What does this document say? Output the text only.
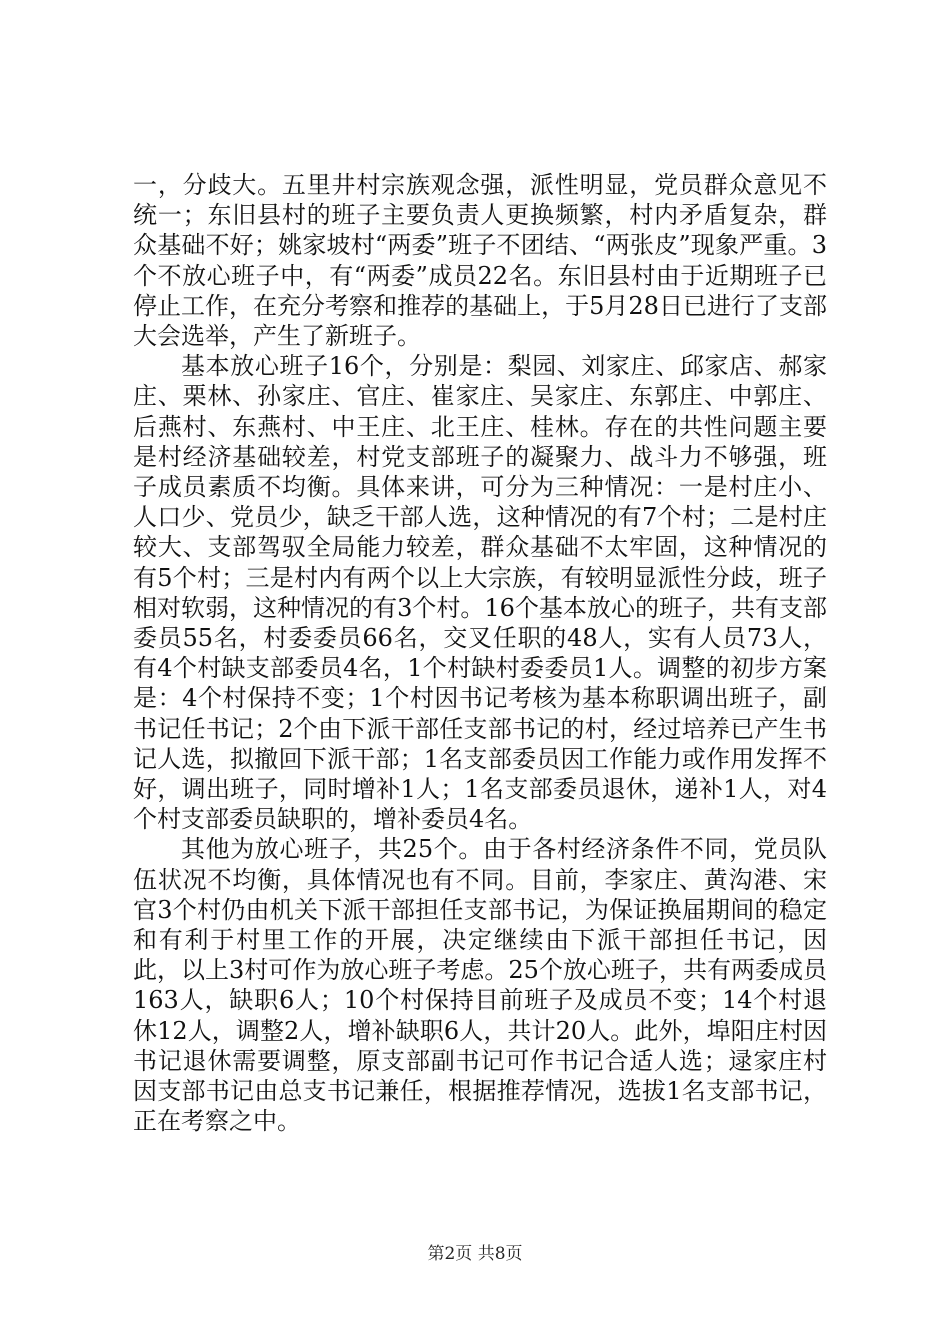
一，分歧大。五里井村宗族观念强，派性明显，党员群众意见不统一；东旧县村的班子主要负责人更换频繁，村内矛盾复杂，群众基础不好；姚家坡村“两委”班子不团结、“两张皮”现象严重。3个不放心班子中，有“两委”成员22名。东旧县村由于近期班子已停止工作，在充分考察和推荐的基础上，于5月28日已进行了支部大会选举，产生了新班子。

基本放心班子16个，分别是：梨园、刘家庄、邱家店、郝家庄、栗林、孙家庄、官庄、崔家庄、吴家庄、东郭庄、中郭庄、后燕村、东燕村、中王庄、北王庄、桂林。存在的共性问题主要是村经济基础较差，村党支部班子的凝聚力、战斗力不够强，班子成员素质不均衡。具体来讲，可分为三种情况：一是村庄小、人口少、党员少，缺乏干部人选，这种情况的有7个村；二是村庄较大、支部驾驭全局能力较差，群众基础不太牢固，这种情况的有5个村；三是村内有两个以上大宗族，有较明显派性分歧，班子相对软弱，这种情况的有3个村。16个基本放心的班子，共有支部委员55名，村委委员66名，交叉任职的48人，实有人员73人，有4个村缺支部委员4名，1个村缺村委委员1人。调整的初步方案是：4个村保持不变；1个村因书记考核为基本称职调出班子，副书记任书记；2个由下派干部任支部书记的村，经过培养已产生书记人选，拟撤回下派干部；1名支部委员因工作能力或作用发挥不好，调出班子，同时增补1人；1名支部委员退休，递补1人，对4个村支部委员缺职的，增补委员4名。

其他为放心班子，共25个。由于各村经济条件不同，党员队伍状况不均衡，具体情况也有不同。目前，李家庄、黄沟港、宋官3个村仍由机关下派干部担任支部书记，为保证换届期间的稳定和有利于村里工作的开展，决定继续由下派干部担任书记，因此，以上3村可作为放心班子考虑。25个放心班子，共有两委成员163人，缺职6人；10个村保持目前班子及成员不变；14个村退休12人，调整2人，增补缺职6人，共计20人。此外，埠阳庄村因书记退休需要调整，原支部副书记可作书记合适人选；逯家庄村因支部书记由总支书记兼任，根据推荐情况，选拔1名支部书记，正在考察之中。

第2页 共8页
